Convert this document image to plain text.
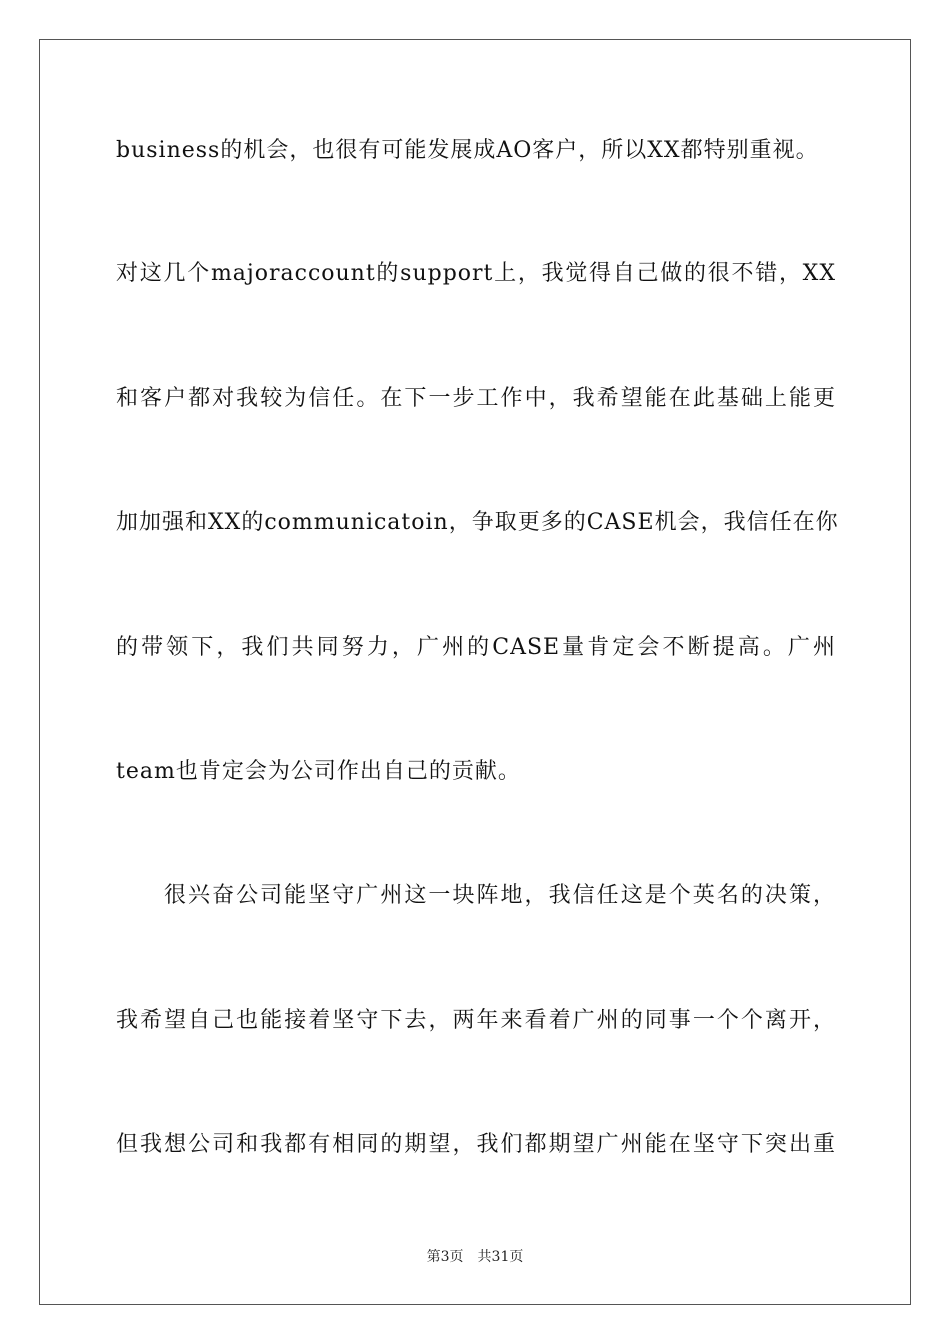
business的机会，也很有可能发展成AO客户，所以XX都特别重视。
对这几个majoraccount的support上，我觉得自己做的很不错，XX
和客户都对我较为信任。在下一步工作中，我希望能在此基础上能更
加加强和XX的communicatoin，争取更多的CASE机会，我信任在你
的带领下，我们共同努力，广州的CASE量肯定会不断提高。广州
team也肯定会为公司作出自己的贡献。
很兴奋公司能坚守广州这一块阵地，我信任这是个英名的决策，
我希望自己也能接着坚守下去，两年来看着广州的同事一个个离开，
但我想公司和我都有相同的期望，我们都期望广州能在坚守下突出重
第3页 共31页
